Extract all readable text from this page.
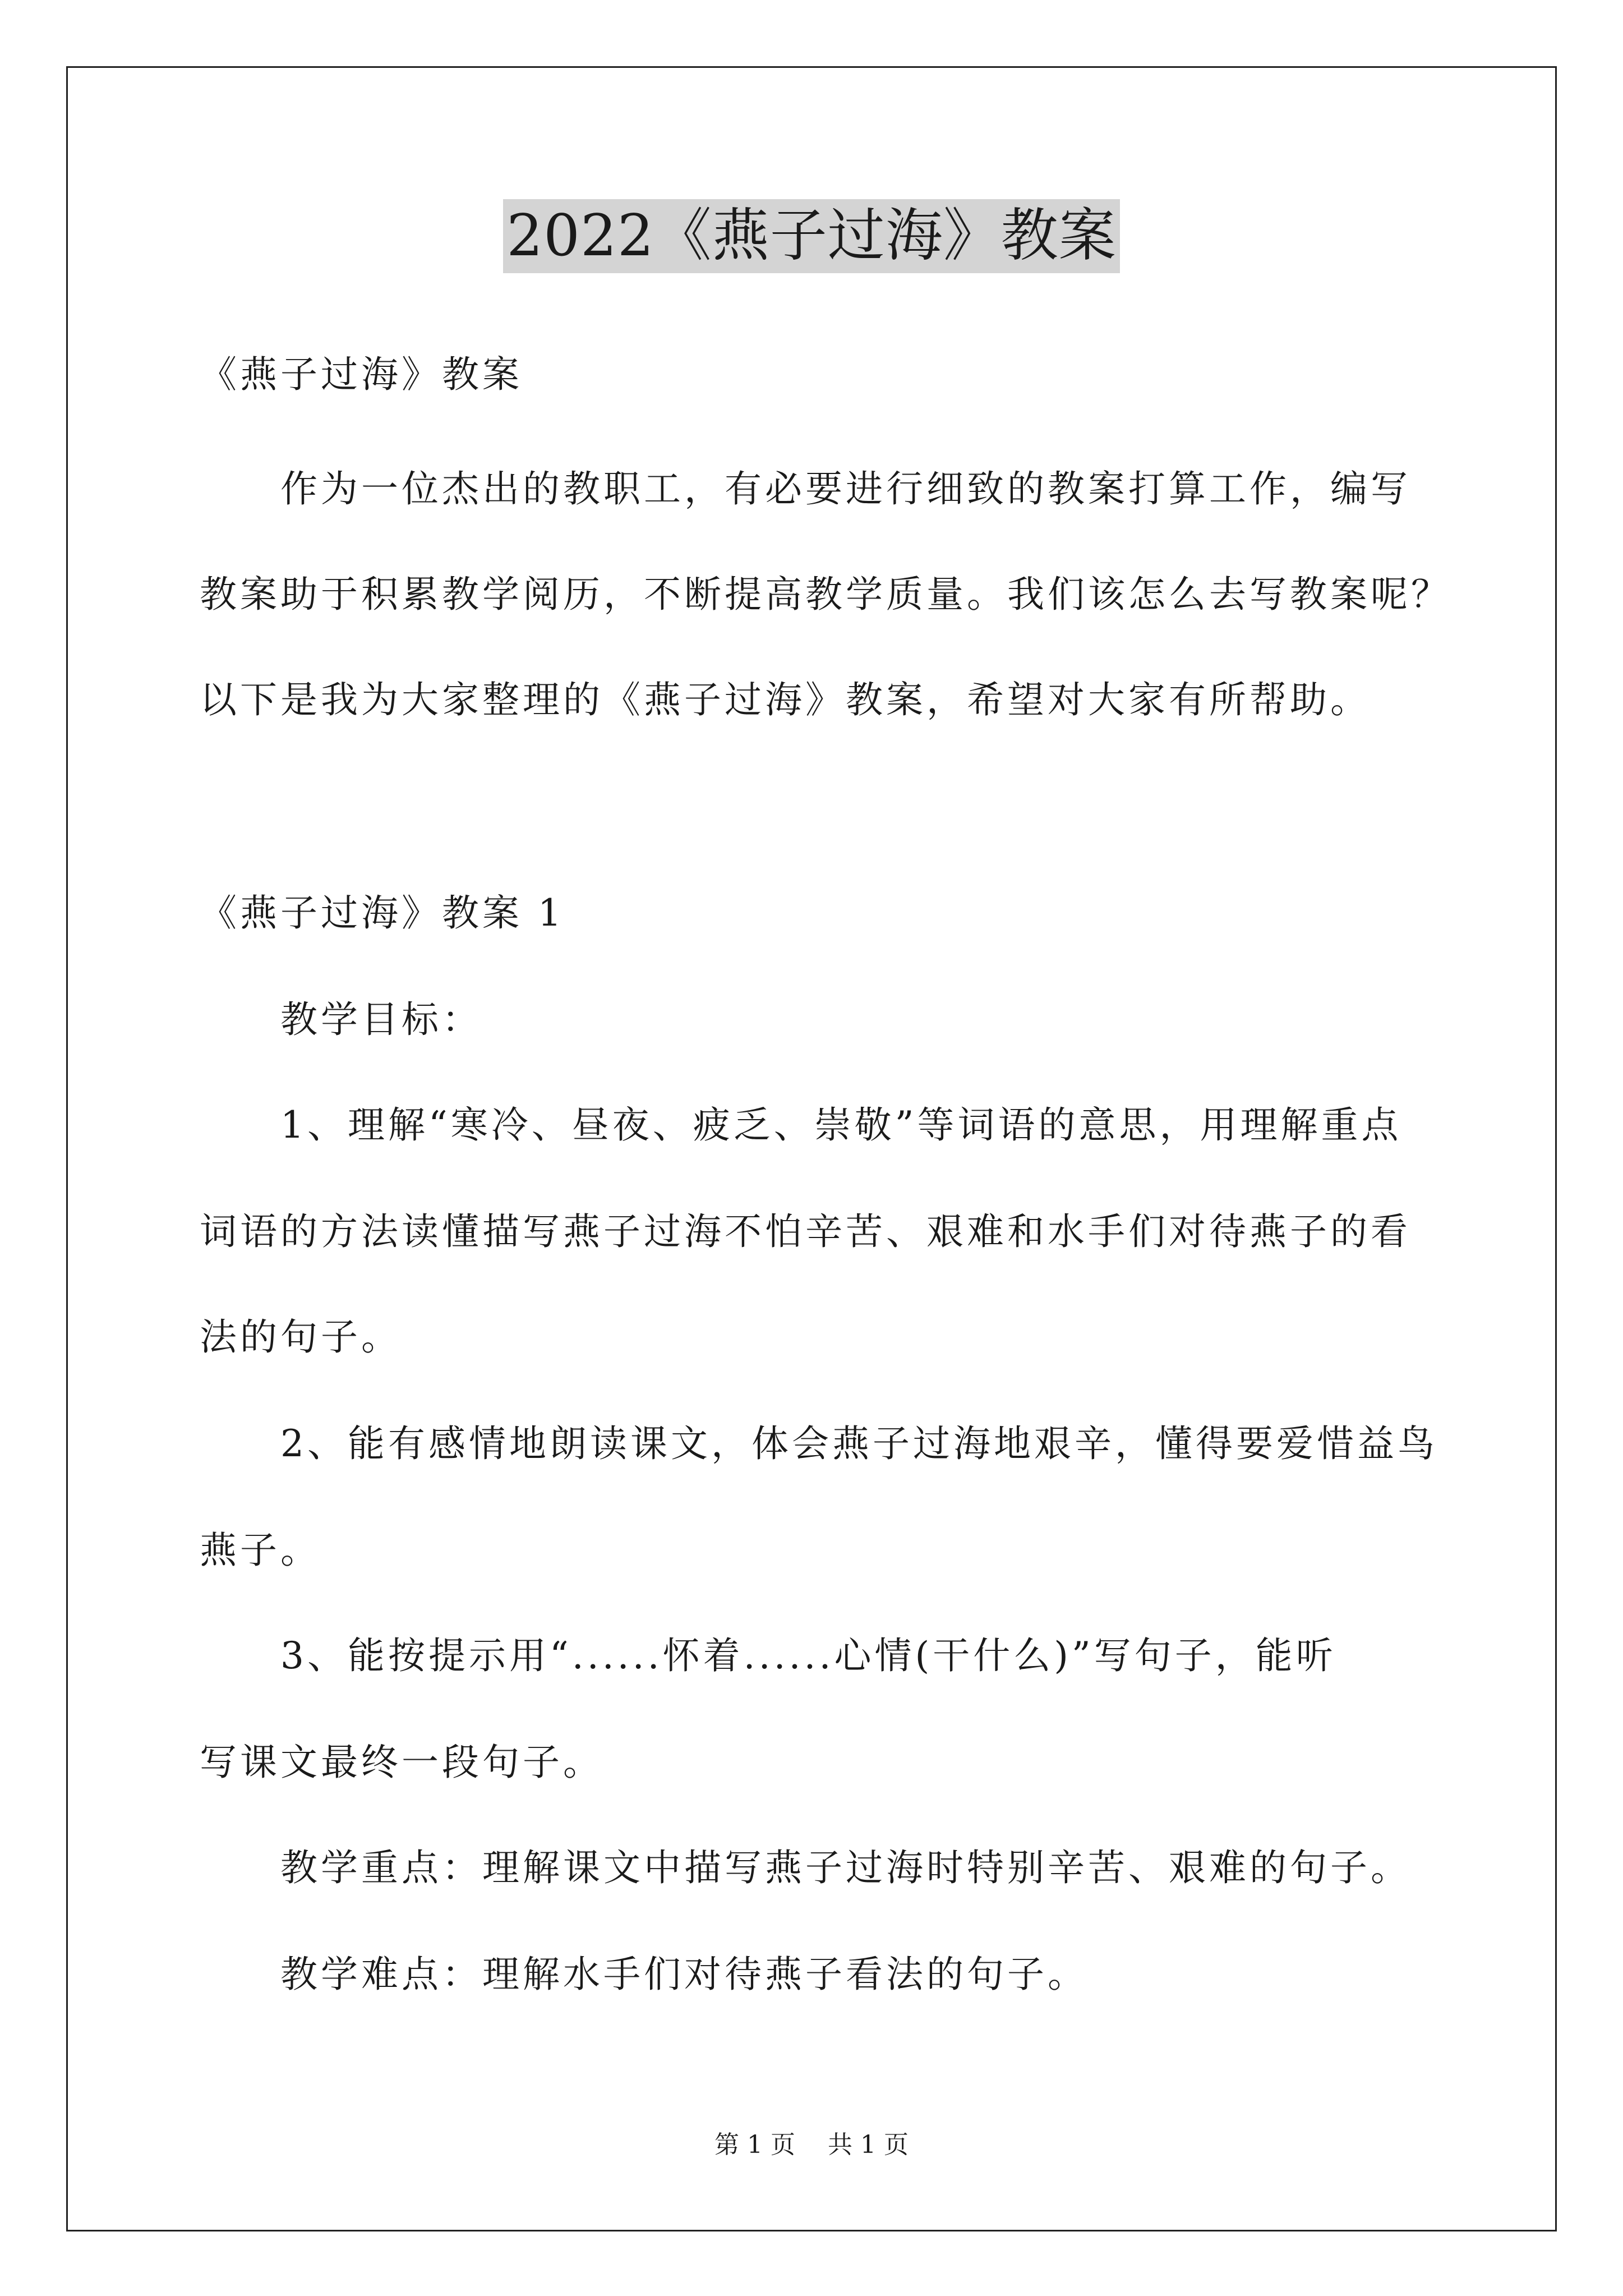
2022《燕子过海》教案
《燕子过海》教案
作为一位杰出的教职工，有必要进行细致的教案打算工作，编写
教案助于积累教学阅历，不断提高教学质量。我们该怎么去写教案呢？
以下是我为大家整理的《燕子过海》教案，希望对大家有所帮助。
《燕子过海》教案 1
教学目标：
1、理解“寒冷、昼夜、疲乏、崇敬”等词语的意思，用理解重点
词语的方法读懂描写燕子过海不怕辛苦、艰难和水手们对待燕子的看
法的句子。
2、能有感情地朗读课文，体会燕子过海地艰辛，懂得要爱惜益鸟
燕子。
3、能按提示用“......怀着......心情(干什么)”写句子，能听
写课文最终一段句子。
教学重点：理解课文中描写燕子过海时特别辛苦、艰难的句子。
教学难点：理解水手们对待燕子看法的句子。
第 1 页　 共 1 页
